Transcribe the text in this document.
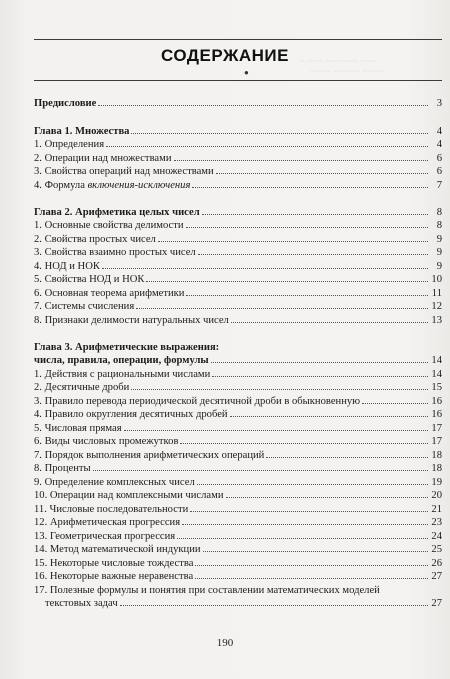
~ ~~~ ~~~~~~ ~~~
~~~~ ~~~~~ ~~~~
СОДЕРЖАНИЕ
●
Предисловие	3
Глава 1. Множества	4
1. Определения	4
2. Операции над множествами	6
3. Свойства операций над множествами	6
4. Формула включения-исключения	7
Глава 2. Арифметика целых чисел	8
1. Основные свойства делимости	8
2. Свойства простых чисел	9
3. Свойства взаимно простых чисел	9
4. НОД и НОК	9
5. Свойства НОД и НОК	10
6. Основная теорема арифметики	11
7. Системы счисления	12
8. Признаки делимости натуральных чисел	13
Глава 3. Арифметические выражения:
числа, правила, операции, формулы	14
1. Действия с рациональными числами	14
2. Десятичные дроби	15
3. Правило перевода периодической десятичной дроби в обыкновенную	16
4. Правило округления десятичных дробей	16
5. Числовая прямая	17
6. Виды числовых промежутков	17
7. Порядок выполнения арифметических операций	18
8. Проценты	18
9. Определение комплексных чисел	19
10. Операции над комплексными числами	20
11. Числовые последовательности	21
12. Арифметическая прогрессия	23
13. Геометрическая прогрессия	24
14. Метод математической индукции	25
15. Некоторые числовые тождества	26
16. Некоторые важные неравенства	27
17. Полезные формулы и понятия при составлении математических моделей
текстовых задач	27
190
